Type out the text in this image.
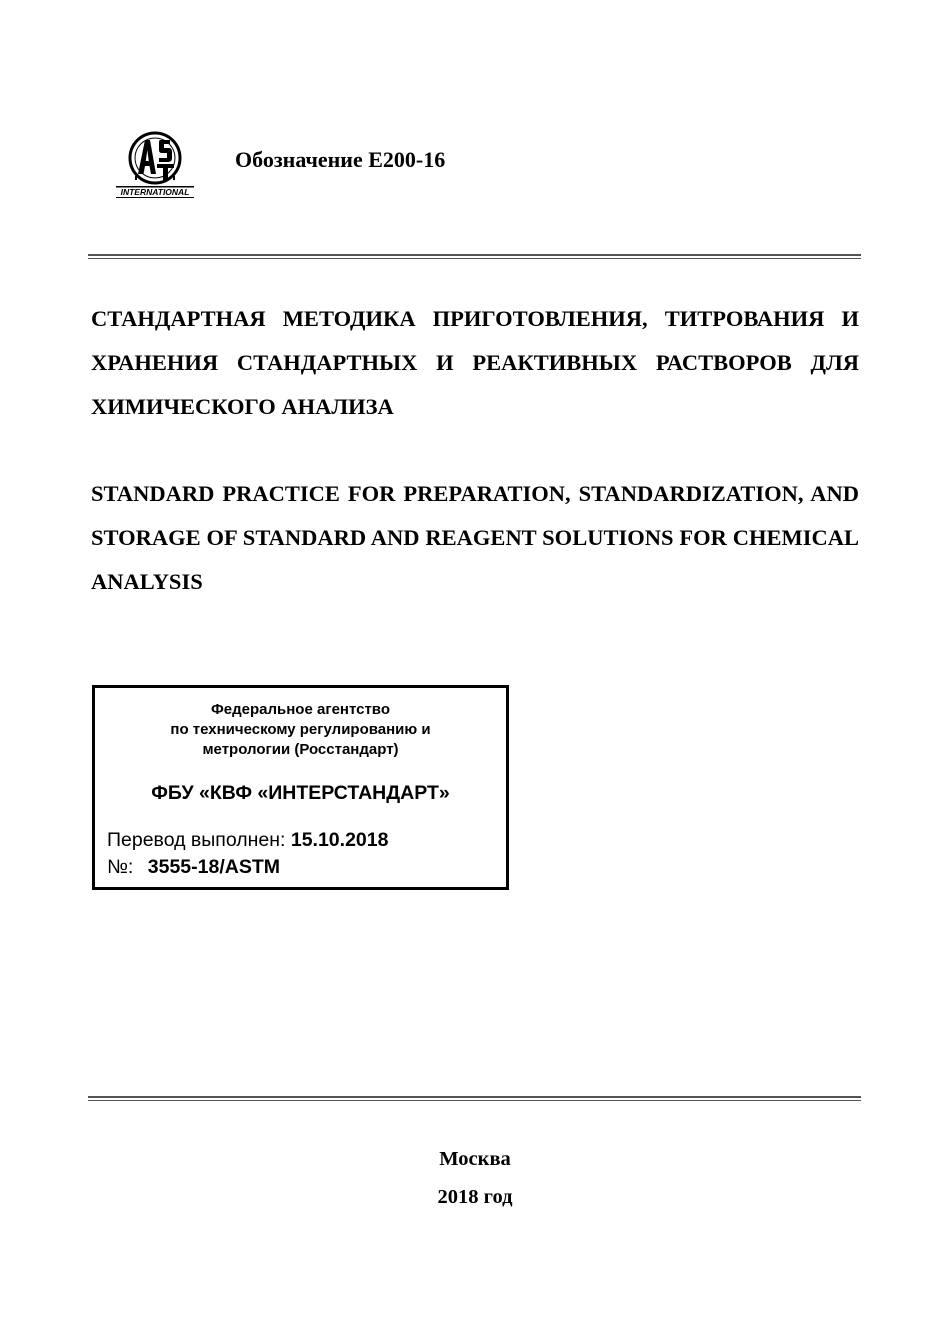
INTERNATIONAL
Обозначение E200-16
СТАНДАРТНАЯ МЕТОДИКА ПРИГОТОВЛЕНИЯ, ТИТРОВАНИЯ И ХРАНЕНИЯ СТАНДАРТНЫХ И РЕАКТИВНЫХ РАСТВОРОВ ДЛЯ ХИМИЧЕСКОГО АНАЛИЗА
STANDARD PRACTICE FOR PREPARATION, STANDARDIZATION, AND STORAGE OF STANDARD AND REAGENT SOLUTIONS FOR CHEMICAL ANALYSIS
Федеральное агентство
по техническому регулированию и
метрологии (Росстандарт)
ФБУ «КВФ «ИНТЕРСТАНДАРТ»
Перевод выполнен: 15.10.2018
№: 3555-18/ASTM
Москва
2018 год
